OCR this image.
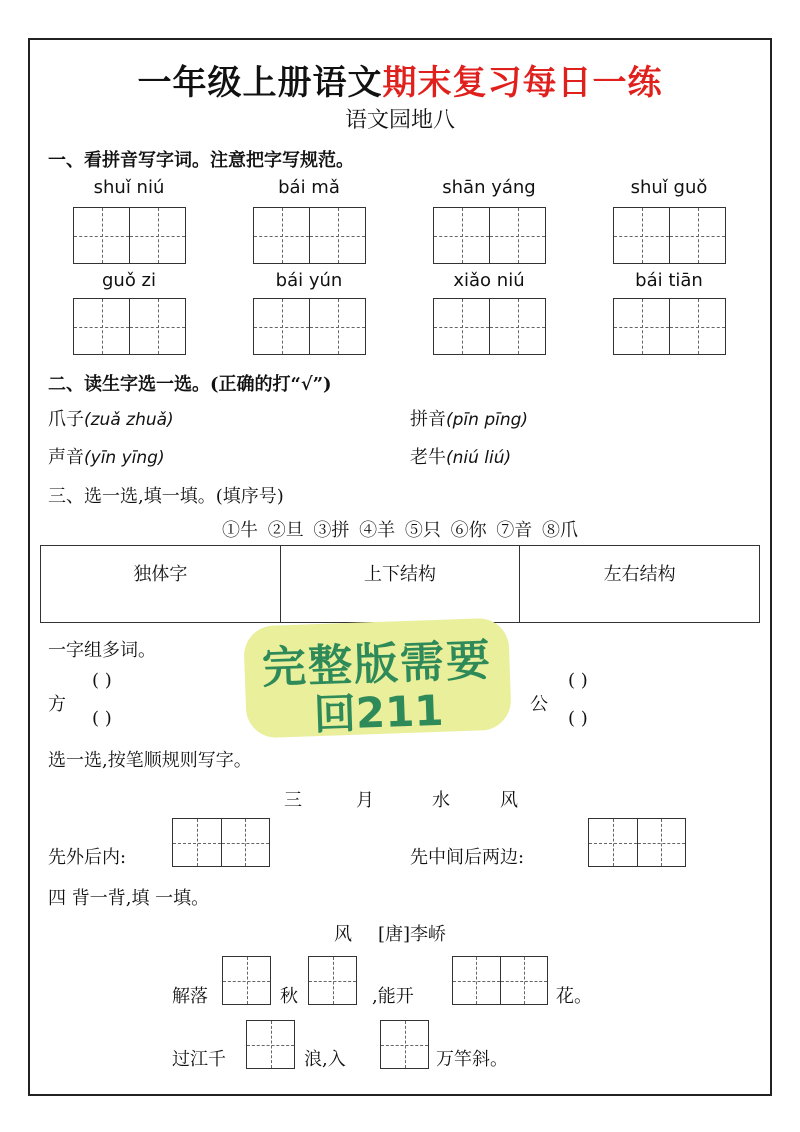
一年级上册语文期末复习每日一练
语文园地八
一、看拼音写字词。注意把字写规范。
shuǐ niú	bái mǎ	shān yáng	shuǐ guǒ
guǒ zi	bái yún	xiǎo niú	bái tiān
二、读生字选一选。(正确的打“√”)
爪子(zuǎ zhuǎ)	拼音(pīn pīng)
声音(yīn yīng)	老牛(niú liú)
三、选一选,填一填。(填序号)
①牛 ②旦 ③拼 ④羊 ⑤只 ⑥你 ⑦音 ⑧爪
独体字	上下结构	左右结构
一字组多词。
方
( )
( )
公
( )
( )
完整版需要
回211
选一选,按笔顺规则写字。
三	月	水	风
先外后内:	先中间后两边:
四 背一背,填 一填。
风 [唐]李峤
解落	秋	,能开	花。
过江千	浪,入	万竿斜。
